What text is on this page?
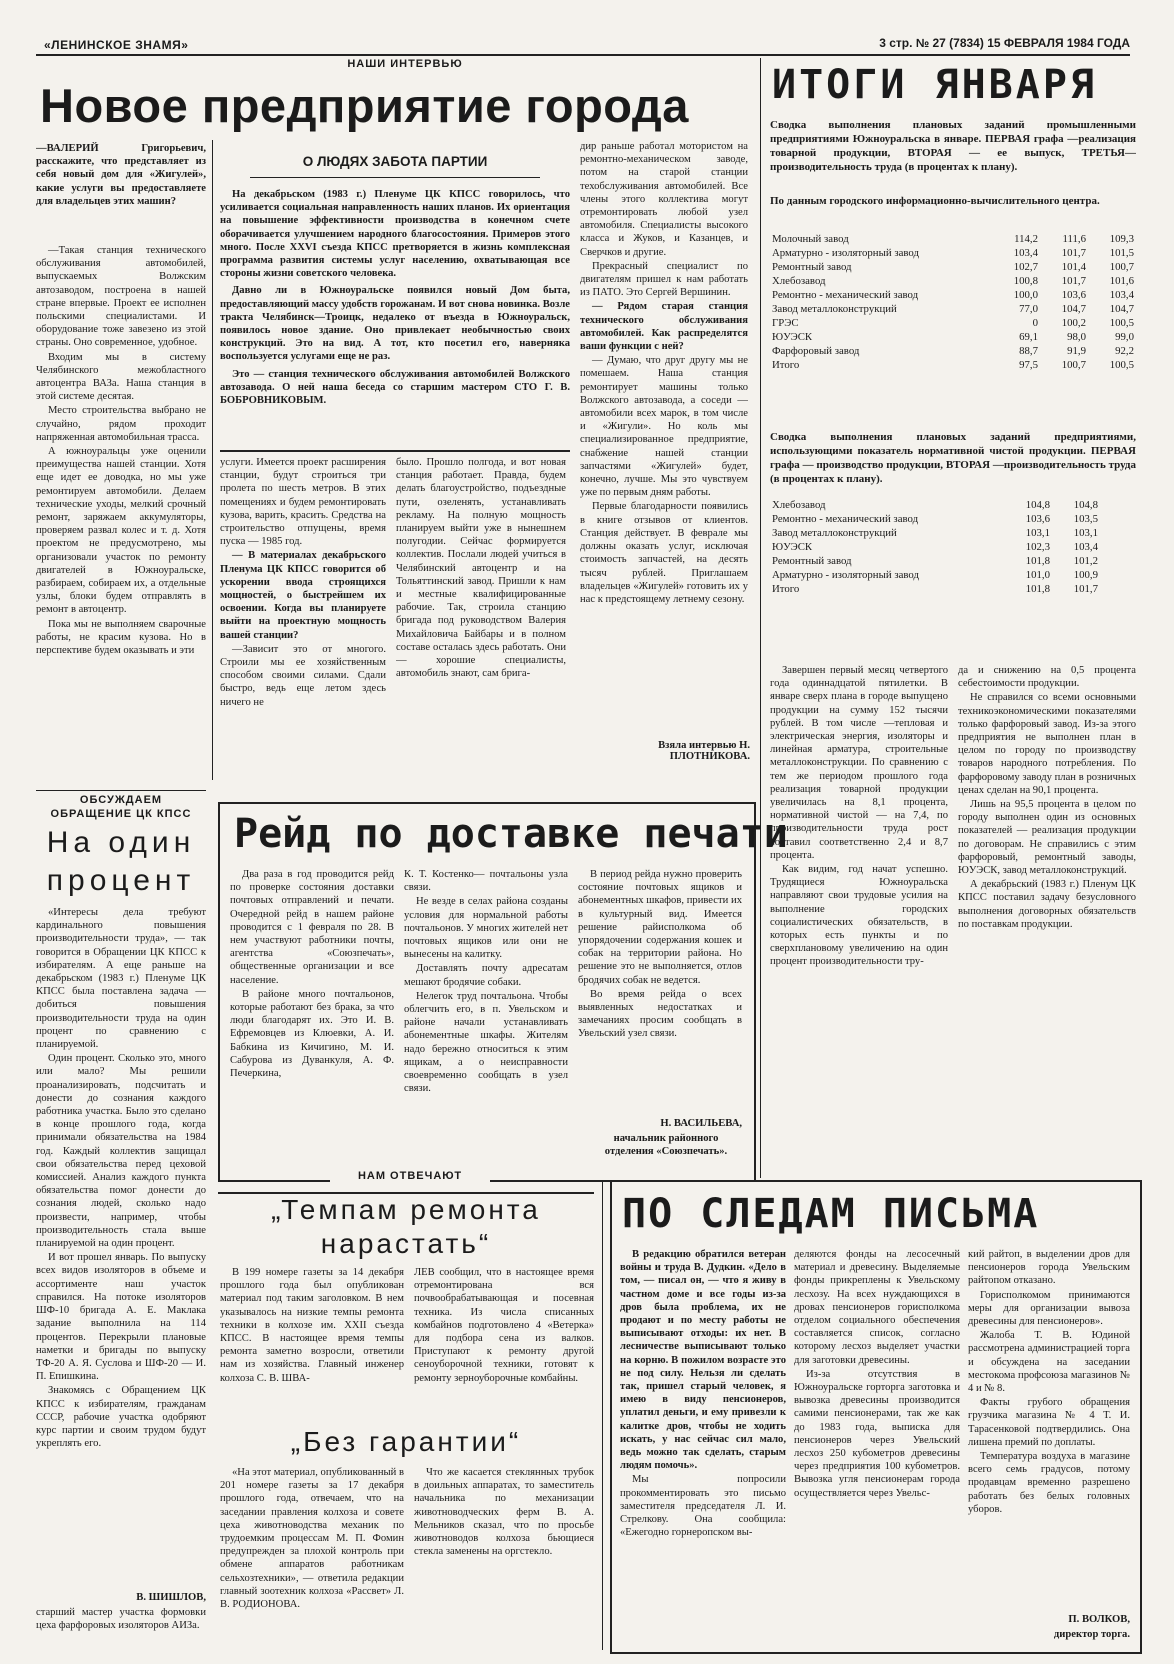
«ЛЕНИНСКОЕ ЗНАМЯ»	3 стр. № 27 (7834) 15 ФЕВРАЛЯ 1984 ГОДА
НАШИ ИНТЕРВЬЮ
Новое предприятие города
—ВАЛЕРИЙ Григорьевич, расскажите, что представляет из себя новый дом для «Жигулей», какие услуги вы предоставляете для владельцев этих машин?

—Такая станция технического обслуживания автомобилей, выпускаемых Волжским автозаводом, построена в нашей стране впервые. Проект ее исполнен польскими специалистами. И оборудование тоже завезено из этой страны. Оно современное, удобное.

Входим мы в систему Челябинского межобластного автоцентра ВАЗа. Наша станция в этой системе десятая.

Место строительства выбрано не случайно, рядом проходит напряженная автомобильная трасса.

А южноуральцы уже оценили преимущества нашей станции. Хотя еще идет ее доводка, но мы уже ремонтируем автомобили. Делаем технические уходы, мелкий срочный ремонт, заряжаем аккумуляторы, проверяем развал колес и т. д. Хотя проектом не предусмотрено, мы организовали участок по ремонту двигателей в Южноуральске, разбираем, собираем их, а отдельные узлы, блоки будем отправлять в ремонт в автоцентр.

Пока мы не выполняем сварочные работы, не красим кузова. Но в перспективе будем оказывать и эти

О ЛЮДЯХ ЗАБОТА ПАРТИИ

На декабрьском (1983 г.) Пленуме ЦК КПСС говорилось, что усиливается социальная направленность наших планов. Их ориентация на повышение эффективности производства в конечном счете оборачивается улучшением народного благосостояния. Примеров этого много. После XXVI съезда КПСС претворяется в жизнь комплексная программа развития системы услуг населению, охватывающая все стороны жизни советского человека.

Давно ли в Южноуральске появился новый Дом быта, предоставляющий массу удобств горожанам. И вот снова новинка. Возле тракта Челябинск—Троицк, недалеко от въезда в Южноуральск, появилось новое здание. Оно привлекает необычностью своих конструкций. Это на вид. А тот, кто посетил его, наверняка воспользуется услугами еще не раз.

Это — станция технического обслуживания автомобилей Волжского автозавода. О ней наша беседа со старшим мастером СТО Г. В. БОБРОВНИКОВЫМ.

дир раньше работал мотористом на ремонтно-механическом заводе, потом на старой станции техобслуживания автомобилей. Все члены этого коллектива могут отремонтировать любой узел автомобиля. Специалисты высокого класса и Жуков, и Казанцев, и Сверчков и другие.

Прекрасный специалист по двигателям пришел к нам работать из ПАТО. Это Сергей Вершинин.

— Рядом старая станция технического обслуживания автомобилей. Как распределятся ваши функции с ней?

— Думаю, что друг другу мы не помешаем. Наша станция ремонтирует машины только Волжского автозавода, а соседи — автомобили всех марок, в том числе и «Жигули». Но коль мы специализированное предприятие, снабжение нашей станции запчастями «Жигулей» будет, конечно, лучше. Мы это чувствуем уже по первым дням работы.

Первые благодарности появились в книге отзывов от клиентов. Станция действует. В феврале мы должны оказать услуг, исключая стоимость запчастей, на десять тысяч рублей. Приглашаем владельцев «Жигулей» готовить их у нас к предстоящему летнему сезону.

услуги. Имеется проект расширения станции, будут строиться три пролета по шесть метров. В этих помещениях и будем ремонтировать кузова, варить, красить. Средства на строительство отпущены, время пуска — 1985 год.

— В материалах декабрьского Пленума ЦК КПСС говорится об ускорении ввода строящихся мощностей, о быстрейшем их освоении. Когда вы планируете выйти на проектную мощность вашей станции?

—Зависит это от многого. Строили мы ее хозяйственным способом своими силами. Сдали быстро, ведь еще летом здесь ничего не

было. Прошло полгода, и вот новая станция работает. Правда, будем делать благоустройство, подъездные пути, озеленять, устанавливать рекламу. На полную мощность планируем выйти уже в нынешнем полугодии. Сейчас формируется коллектив. Послали людей учиться в Челябинский автоцентр и на Тольяттинский завод. Пришли к нам и местные квалифицированные рабочие. Так, строила станцию бригада под руководством Валерия Михайловича Байбары и в полном составе осталась здесь работать. Они — хорошие специалисты, автомобиль знают, сам брига-

Взяла интервью Н. ПЛОТНИКОВА.
ИТОГИ ЯНВАРЯ
Сводка выполнения плановых заданий промышленными предприятиями Южноуральска в январе. ПЕРВАЯ графа —реализация товарной продукции, ВТОРАЯ — ее выпуск, ТРЕТЬЯ— производительность труда (в процентах к плану).
По данным городского информационно-вычислительного центра.
Молочный завод	114,2	111,6	109,3
Арматурно - изоляторный завод	103,4	101,7	101,5
Ремонтный завод	102,7	101,4	100,7
Хлебозавод	100,8	101,7	101,6
Ремонтно - механический завод	100,0	103,6	103,4
Завод металлоконструкций	77,0	104,7	104,7
ГРЭС	0	100,2	100,5
ЮУЭСК	69,1	98,0	99,0
Фарфоровый завод	88,7	91,9	92,2
Итого	97,5	100,7	100,5
Сводка выполнения плановых заданий предприятиями, использующими показатель нормативной чистой продукции. ПЕРВАЯ графа — производство продукции, ВТОРАЯ —производительность труда (в процентах к плану).
Хлебозавод	104,8	104,8
Ремонтно - механический завод	103,6	103,5
Завод металлоконструкций	103,1	103,1
ЮУЭСК	102,3	103,4
Ремонтный завод	101,8	101,2
Арматурно - изоляторный завод	101,0	100,9
Итого	101,8	101,7

Завершен первый месяц четвертого года одиннадцатой пятилетки. В январе сверх плана в городе выпущено продукции на сумму 152 тысячи рублей. В том числе —тепловая и электрическая энергия, изоляторы и линейная арматура, строительные металлоконструкции. По сравнению с тем же периодом прошлого года реализация товарной продукции увеличилась на 8,1 процента, нормативной чистой — на 7,4, по производительности труда рост составил соответственно 2,4 и 8,7 процента.

Как видим, год начат успешно. Трудящиеся Южноуральска направляют свои трудовые усилия на выполнение городских социалистических обязательств, в которых есть пункты и по сверхплановому увеличению на один процент производительности тру-

да и снижению на 0,5 процента себестоимости продукции.

Не справился со всеми основными техникоэкономическими показателями только фарфоровый завод. Из-за этого предприятия не выполнен план в целом по городу по производству товаров народного потребления. По фарфоровому заводу план в розничных ценах сделан на 90,1 процента.

Лишь на 95,5 процента в целом по городу выполнен один из основных показателей — реализация продукции по договорам. Не справились с этим фарфоровый, ремонтный заводы, ЮУЭСК, завод металлоконструкций.

А декабрьский (1983 г.) Пленум ЦК КПСС поставил задачу безусловного выполнения договорных обязательств по поставкам продукции.

ОБСУЖДАЕМ
ОБРАЩЕНИЕ ЦК КПСС
На один
процент

«Интересы дела требуют кардинального повышения производительности труда», — так говорится в Обращении ЦК КПСС к избирателям. А еще раньше на декабрьском (1983 г.) Пленуме ЦК КПСС была поставлена задача — добиться повышения производительности труда на один процент по сравнению с планируемой.

Один процент. Сколько это, много или мало? Мы решили проанализировать, подсчитать и донести до сознания каждого работника участка. Было это сделано в конце прошлого года, когда принимали обязательства на 1984 год. Каждый коллектив защищал свои обязательства перед цеховой комиссией. Анализ каждого пункта обязательства помог донести до сознания людей, сколько надо произвести, например, чтобы производительность стала выше планируемой на один процент.

И вот прошел январь. По выпуску всех видов изоляторов в объеме и ассортименте наш участок справился. На потоке изоляторов ШФ-10 бригада А. Е. Маклака задание выполнила на 114 процентов. Перекрыли плановые наметки и бригады по выпуску ТФ-20 А. Я. Суслова и ШФ-20 — И. П. Епишкина.

Знакомясь с Обращением ЦК КПСС к избирателям, гражданам СССР, рабочие участка одобряют курс партии и своим трудом будут укреплять его.

В. ШИШЛОВ,
старший мастер участка формовки цеха фарфоровых изоляторов АИЗа.
Рейд по доставке печати

Два раза в год проводится рейд по проверке состояния доставки почтовых отправлений и печати. Очередной рейд в нашем районе проводится с 1 февраля по 28. В нем участвуют работники почты, агентства «Союзпечать», общественные организации и все население.

В районе много почтальонов, которые работают без брака, за что люди благодарят их. Это И. В. Ефремовцев из Клюевки, А. И. Бабкина из Кичигино, М. И. Сабурова из Дуванкуля, А. Ф. Печеркина,

К. Т. Костенко— почтальоны узла связи.

Не везде в селах района созданы условия для нормальной работы почтальонов. У многих жителей нет почтовых ящиков или они не вынесены на калитку.

Доставлять почту адресатам мешают бродячие собаки.

Нелегок труд почтальона. Чтобы облегчить его, в п. Увельском и районе начали устанавливать абонементные шкафы. Жителям надо бережно относиться к этим ящикам, а о неисправности своевременно сообщать в узел связи.

В период рейда нужно проверить состояние почтовых ящиков и абонементных шкафов, привести их в культурный вид. Имеется решение райисполкома об упорядочении содержания кошек и собак на территории района. Но решение это не выполняется, отлов бродячих собак не ведется.

Во время рейда о всех выявленных недостатках и замечаниях просим сообщать в Увельский узел связи.

Н. ВАСИЛЬЕВА,
начальник районного отделения «Союзпечать».
НАМ ОТВЕЧАЮТ
„Темпам ремонта
нарастать“
В 199 номере газеты за 14 декабря прошлого года был опубликован материал под таким заголовком. В нем указывалось на низкие темпы ремонта техники в колхозе им. XXII съезда КПСС. В настоящее время темпы ремонта заметно возросли, ответили нам из хозяйства. Главный инженер колхоза С. В. ШВА-
ЛЕВ сообщил, что в настоящее время отремонтирована вся почвообрабатывающая и посевная техника. Из числа списанных комбайнов подготовлено 4 «Ветерка» для подбора сена из валков. Приступают к ремонту другой сеноуборочной техники, готовят к ремонту зерноуборочные комбайны.
„Без гарантии“
«На этот материал, опубликованный в 201 номере газеты за 17 декабря прошлого года, отвечаем, что на заседании правления колхоза и совете цеха животноводства механик по трудоемким процессам М. П. Фомин предупрежден за плохой контроль при обмене аппаратов работникам сельхозтехники», — ответила редакции главный зоотехник колхоза «Рассвет» Л. В. РОДИОНОВА.
Что же касается стеклянных трубок в доильных аппаратах, то заместитель начальника по механизации животноводческих ферм В. А. Мельников сказал, что по просьбе животноводов колхоза бьющиеся стекла заменены на оргстекло.
ПО СЛЕДАМ ПИСЬМА

В редакцию обратился ветеран войны и труда В. Дудкин. «Дело в том, — писал он, — что я живу в частном доме и все годы из-за дров была проблема, их не продают и по месту работы не выписывают отходы: их нет. В лесничестве выписывают только на корню. В пожилом возрасте это не под силу. Нельзя ли сделать так, пришел старый человек, я имею в виду пенсионеров, уплатил деньги, и ему привезли к калитке дров, чтобы не ходить искать, у нас сейчас сил мало, ведь можно так сделать, старым людям помочь».

Мы попросили прокомментировать это письмо заместителя председателя Л. И. Стрелкову. Она сообщила: «Ежегодно горнеропском вы-

деляются фонды на лесосечный материал и древесину. Выделяемые фонды прикреплены к Увельскому лесхозу. На всех нуждающихся в дровах пенсионеров горисполкома отделом социального обеспечения составляется список, согласно которому лесхоз выделяет участки для заготовки древесины.

Из-за отсутствия в Южноуральске горторга заготовка и вывозка древесины производится самими пенсионерами, так же как до 1983 года, выписка для пенсионеров через Увельский лесхоз 250 кубометров древесины через предприятия 100 кубометров. Вывозка угля пенсионерам города осуществляется через Увельс-

кий райтоп, в выделении дров для пенсионеров города Увельским райтопом отказано.

Горисполкомом принимаются меры для организации вывоза древесины для пенсионеров».

Жалоба Т. В. Юдиной рассмотрена администрацией торга и обсуждена на заседании местокома профсоюза магазинов № 4 и № 8.

Факты грубого обращения грузчика магазина № 4 Т. И. Тарасенковой подтвердились. Она лишена премий по доплаты.

Температура воздуха в магазине всего семь градусов, потому продавцам временно разрешено работать без белых головных уборов.

П. ВОЛКОВ,
директор торга.
